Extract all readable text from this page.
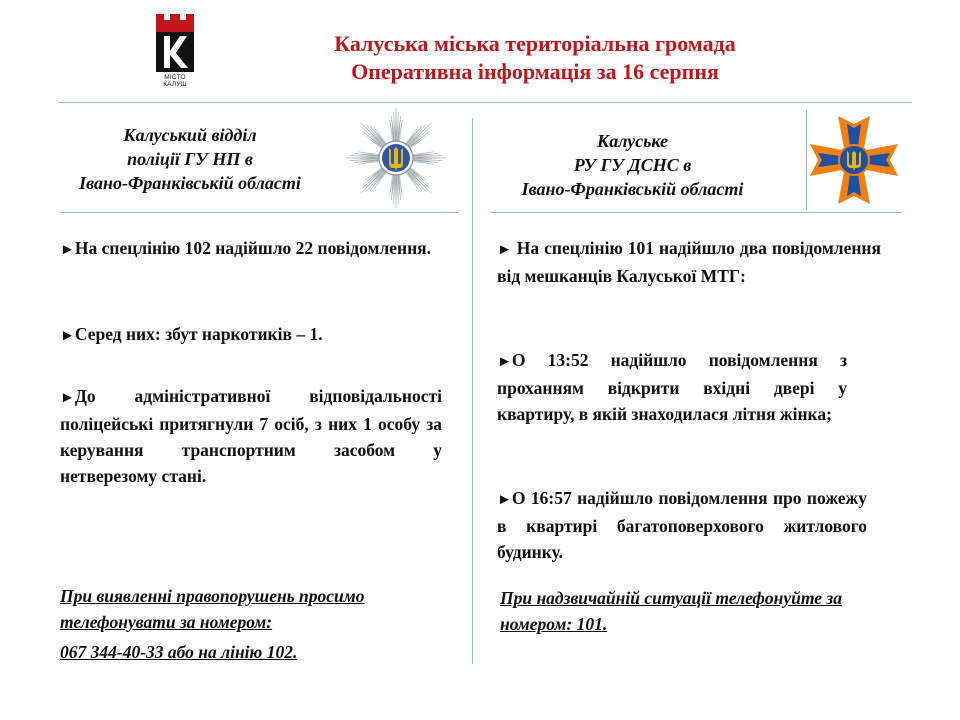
МІСТО
КАЛУШ
Калуська міська територіальна громада
Оперативна інформація за 16 серпня
Калуський відділ
поліції ГУ НП в
Івано-Франківській області
►На спецлінію 102 надійшло 22 повідомлення.
►Серед них: збут наркотиків – 1.
►До адміністративної відповідальності поліцейські притягнули 7 осіб, з них 1 особу за керування транспортним засобом у нетверезому стані.
При виявленні правопорушень просимо телефонувати за номером:
067 344-40-33 або на лінію 102.
Калуське
РУ ГУ ДСНС в
Івано-Франківській області
► На спецлінію 101 надійшло два повідомлення від мешканців Калуської МТГ:
►О 13:52 надійшло повідомлення з проханням відкрити вхідні двері у квартиру, в якій знаходилася літня жінка;
►О 16:57 надійшло повідомлення про пожежу в квартирі багатоповерхового житлового будинку.
При надзвичайній ситуації телефонуйте за номером: 101.
